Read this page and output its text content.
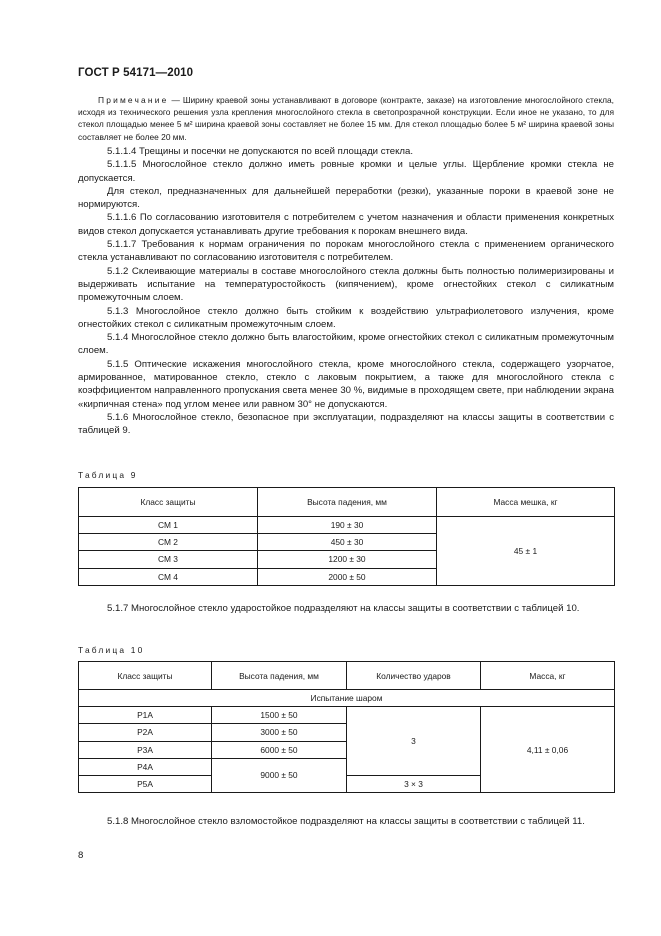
ГОСТ Р 54171—2010

Примечание — Ширину краевой зоны устанавливают в договоре (контракте, заказе) на изготовление многослойного стекла, исходя из технического решения узла крепления многослойного стекла в светопрозрачной конструкции. Если иное не указано, то для стекол площадью менее 5 м² ширина краевой зоны составляет не более 15 мм. Для стекол площадью более 5 м² ширина краевой зоны составляет не более 20 мм.

5.1.1.4 Трещины и посечки не допускаются по всей площади стекла.

5.1.1.5 Многослойное стекло должно иметь ровные кромки и целые углы. Щербление кромки стекла не допускается.

Для стекол, предназначенных для дальнейшей переработки (резки), указанные пороки в краевой зоне не нормируются.

5.1.1.6 По согласованию изготовителя с потребителем с учетом назначения и области применения конкретных видов стекол допускается устанавливать другие требования к порокам внешнего вида.

5.1.1.7 Требования к нормам ограничения по порокам многослойного стекла с применением органического стекла устанавливают по согласованию изготовителя с потребителем.

5.1.2 Склеивающие материалы в составе многослойного стекла должны быть полностью полимеризированы и выдерживать испытание на температуростойкость (кипячением), кроме огнестойких стекол с силикатным промежуточным слоем.

5.1.3 Многослойное стекло должно быть стойким к воздействию ультрафиолетового излучения, кроме огнестойких стекол с силикатным промежуточным слоем.

5.1.4 Многослойное стекло должно быть влагостойким, кроме огнестойких стекол с силикатным промежуточным слоем.

5.1.5 Оптические искажения многослойного стекла, кроме многослойного стекла, содержащего узорчатое, армированное, матированное стекло, стекло с лаковым покрытием, а также для многослойного стекла с коэффициентом направленного пропускания света менее 30 %, видимые в проходящем свете, при наблюдении экрана «кирпичная стена» под углом менее или равном 30° не допускаются.

5.1.6 Многослойное стекло, безопасное при эксплуатации, подразделяют на классы защиты в соответствии с таблицей 9.

Таблица 9
Класс защиты	Высота падения, мм	Масса мешка, кг
СМ 1	190 ± 30	45 ± 1
СМ 2	450 ± 30	
СМ 3	1200 ± 30	
СМ 4	2000 ± 50	

5.1.7 Многослойное стекло ударостойкое подразделяют на классы защиты в соответствии с таблицей 10.

Таблица 10
Класс защиты	Высота падения, мм	Количество ударов	Масса, кг
Испытание шаром			
Р1А	1500 ± 50	3	4,11 ± 0,06
Р2А	3000 ± 50		
Р3А	6000 ± 50		
Р4А	9000 ± 50		
Р5А		3 × 3	

5.1.8 Многослойное стекло взломостойкое подразделяют на классы защиты в соответствии с таблицей 11.

8
